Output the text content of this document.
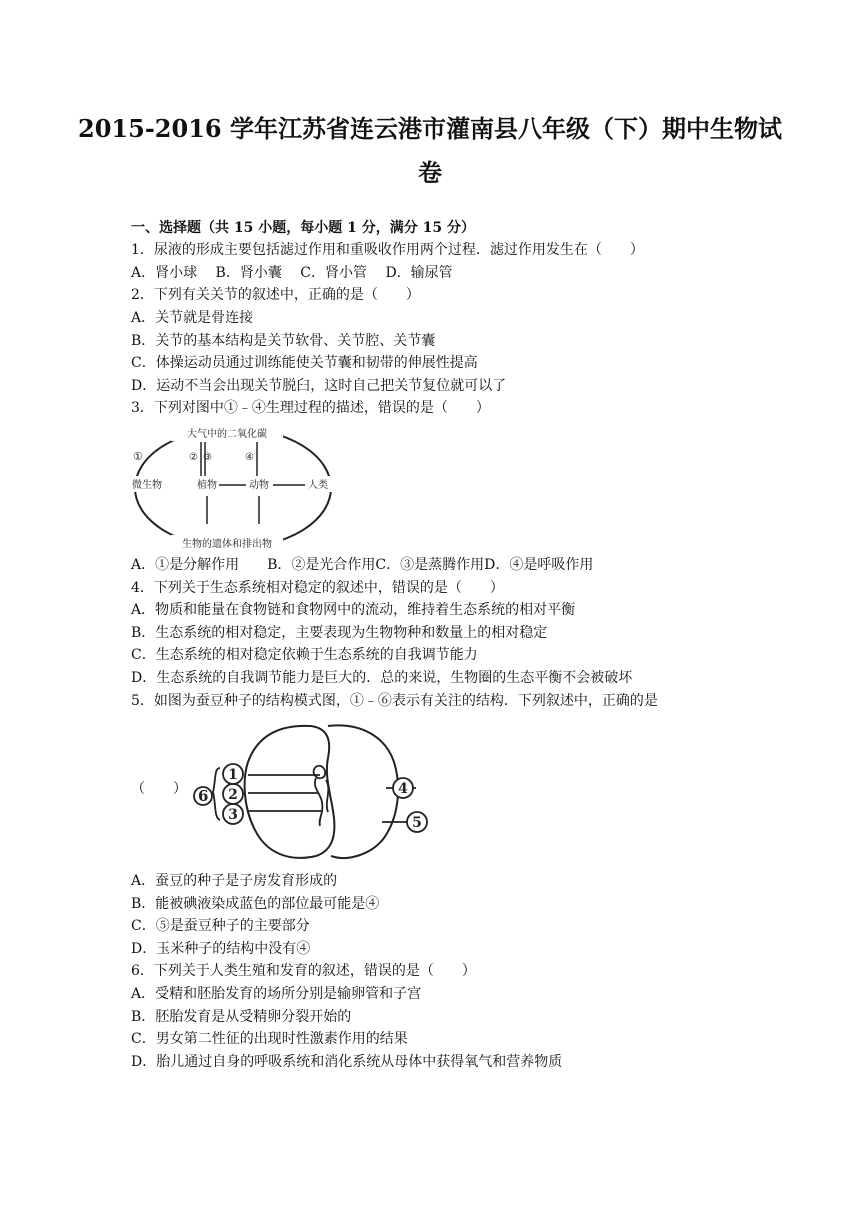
2015-2016 学年江苏省连云港市灌南县八年级（下）期中生物试
卷
一、选择题（共 15 小题，每小题 1 分，满分 15 分）
1．尿液的形成主要包括滤过作用和重吸收作用两个过程．滤过作用发生在（　　）
A．肾小球　 B．肾小囊　 C．肾小管　 D．输尿管
2．下列有关关节的叙述中，正确的是（　　）
A．关节就是骨连接
B．关节的基本结构是关节软骨、关节腔、关节囊
C．体操运动员通过训练能使关节囊和韧带的伸展性提高
D．运动不当会出现关节脱臼，这时自己把关节复位就可以了
3．下列对图中①﹣④生理过程的描述，错误的是（　　）
大气中的二氧化碳
生物的遗体和排出物
①	② ③	④
微生物	植物	动物	人类
A．①是分解作用　　B．②是光合作用C．③是蒸腾作用D．④是呼吸作用
4．下列关于生态系统相对稳定的叙述中，错误的是（　　）
A．物质和能量在食物链和食物网中的流动，维持着生态系统的相对平衡
B．生态系统的相对稳定，主要表现为生物物种和数量上的相对稳定
C．生态系统的相对稳定依赖于生态系统的自我调节能力
D．生态系统的自我调节能力是巨大的．总的来说，生物圈的生态平衡不会被破坏
5．如图为蚕豆种子的结构模式图，①﹣⑥表示有关注的结构．下列叙述中，正确的是
（　　） 6
1
2
3
4
5
A．蚕豆的种子是子房发育形成的
B．能被碘液染成蓝色的部位最可能是④
C．⑤是蚕豆种子的主要部分
D．玉米种子的结构中没有④
6．下列关于人类生殖和发育的叙述，错误的是（　　）
A．受精和胚胎发育的场所分别是输卵管和子宫
B．胚胎发育是从受精卵分裂开始的
C．男女第二性征的出现时性激素作用的结果
D．胎儿通过自身的呼吸系统和消化系统从母体中获得氧气和营养物质
